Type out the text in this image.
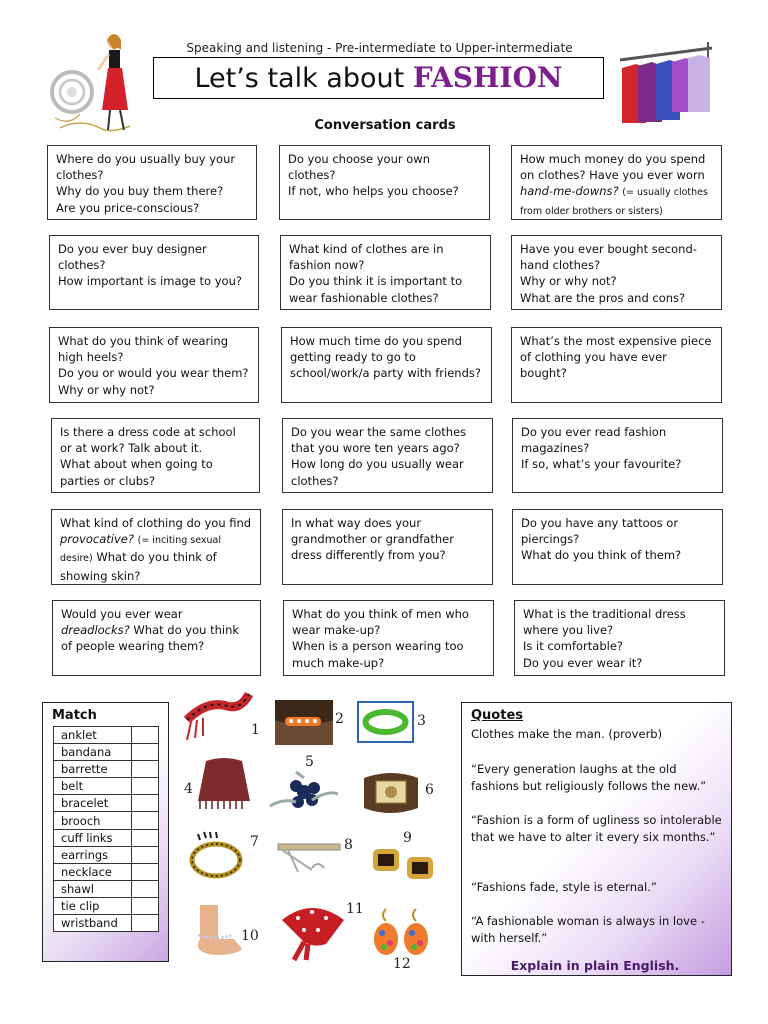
Speaking and listening - Pre-intermediate to Upper-intermediate
Let’s talk about FASHION
Conversation cards
Where do you usually buy your clothes?
Why do you buy them there?
Are you price-conscious?
Do you choose your own clothes?
If not, who helps you choose?
How much money do you spend on clothes? Have you ever worn hand-me-downs? (= usually clothes from older brothers or sisters)
Do you ever buy designer clothes?
How important is image to you?
What kind of clothes are in fashion now?
Do you think it is important to wear fashionable clothes?
Have you ever bought second-hand clothes?
Why or why not?
What are the pros and cons?
What do you think of wearing high heels?
Do you or would you wear them?
Why or why not?
How much time do you spend getting ready to go to school/work/a party with friends?
What’s the most expensive piece of clothing you have ever bought?
Is there a dress code at school or at work? Talk about it.
What about when going to parties or clubs?
Do you wear the same clothes that you wore ten years ago?
How long do you usually wear clothes?
Do you ever read fashion magazines?
If so, what’s your favourite?
What kind of clothing do you find provocative? (= inciting sexual desire) What do you think of showing skin?
In what way does your grandmother or grandfather dress differently from you?
Do you have any tattoos or piercings?
What do you think of them?
Would you ever wear dreadlocks? What do you think of people wearing them?
What do you think of men who wear make-up?
When is a person wearing too much make-up?
What is the traditional dress where you live?
Is it comfortable?
Do you ever wear it?
Match
anklet	
bandana	
barrette	
belt	
bracelet	
brooch	
cuff links	
earrings	
necklace	
shawl	
tie clip	
wristband	
1
2	3
4
5
6
7	8	9
10
11
12
Quotes
Clothes make the man. (proverb)
“Every generation laughs at the old fashions but religiously follows the new.”
“Fashion is a form of ugliness so intolerable that we have to alter it every six months.”
“Fashions fade, style is eternal.”
“A fashionable woman is always in love - with herself.”
Explain in plain English.
